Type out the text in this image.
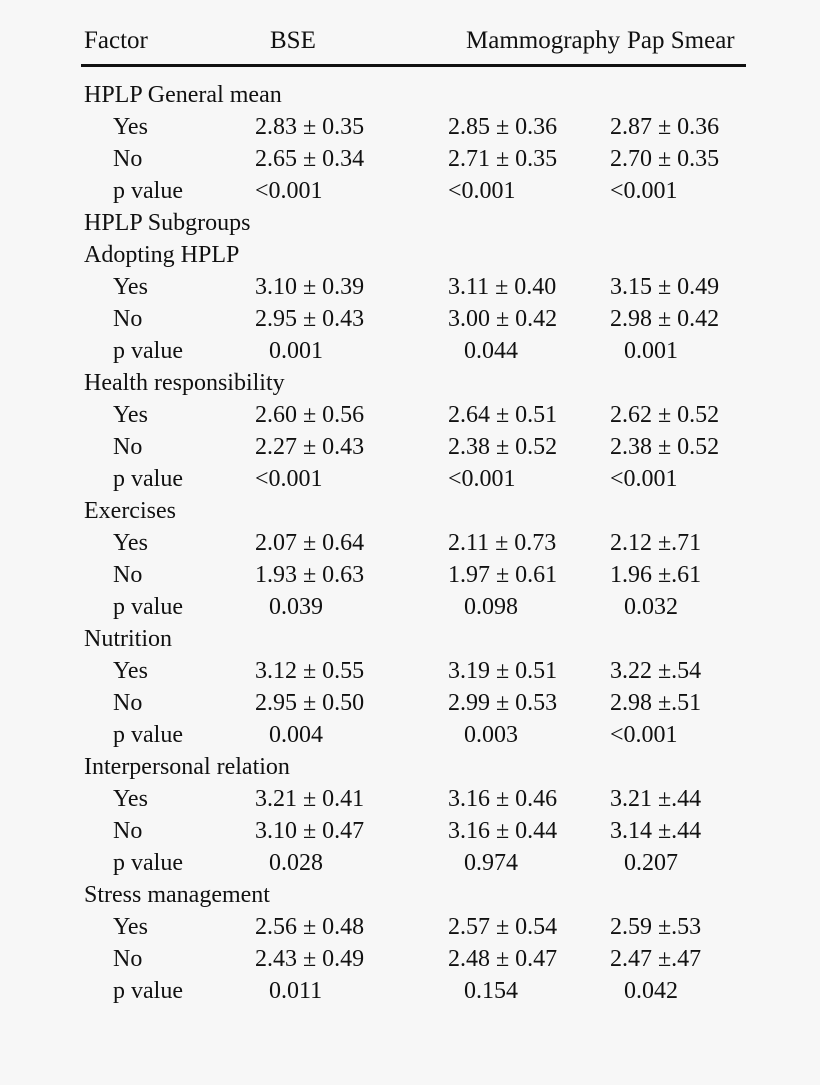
Factor	BSE	Mammography	Pap Smear
HPLP General mean			
Yes	2.83 ± 0.35	2.85 ± 0.36	2.87 ± 0.36
No	2.65 ± 0.34	2.71 ± 0.35	2.70 ± 0.35
p value	<0.001	<0.001	<0.001
HPLP Subgroups			
Adopting HPLP			
Yes	3.10 ± 0.39	3.11 ± 0.40	3.15 ± 0.49
No	2.95 ± 0.43	3.00 ± 0.42	2.98 ± 0.42
p value	0.001	0.044	0.001
Health responsibility			
Yes	2.60 ± 0.56	2.64 ± 0.51	2.62 ± 0.52
No	2.27 ± 0.43	2.38 ± 0.52	2.38 ± 0.52
p value	<0.001	<0.001	<0.001
Exercises			
Yes	2.07 ± 0.64	2.11 ± 0.73	2.12 ±.71
No	1.93 ± 0.63	1.97 ± 0.61	1.96 ±.61
p value	0.039	0.098	0.032
Nutrition			
Yes	3.12 ± 0.55	3.19 ± 0.51	3.22 ±.54
No	2.95 ± 0.50	2.99 ± 0.53	2.98 ±.51
p value	0.004	0.003	<0.001
Interpersonal relation			
Yes	3.21 ± 0.41	3.16 ± 0.46	3.21 ±.44
No	3.10 ± 0.47	3.16 ± 0.44	3.14 ±.44
p value	0.028	0.974	0.207
Stress management			
Yes	2.56 ± 0.48	2.57 ± 0.54	2.59 ±.53
No	2.43 ± 0.49	2.48 ± 0.47	2.47 ±.47
p value	0.011	0.154	0.042
